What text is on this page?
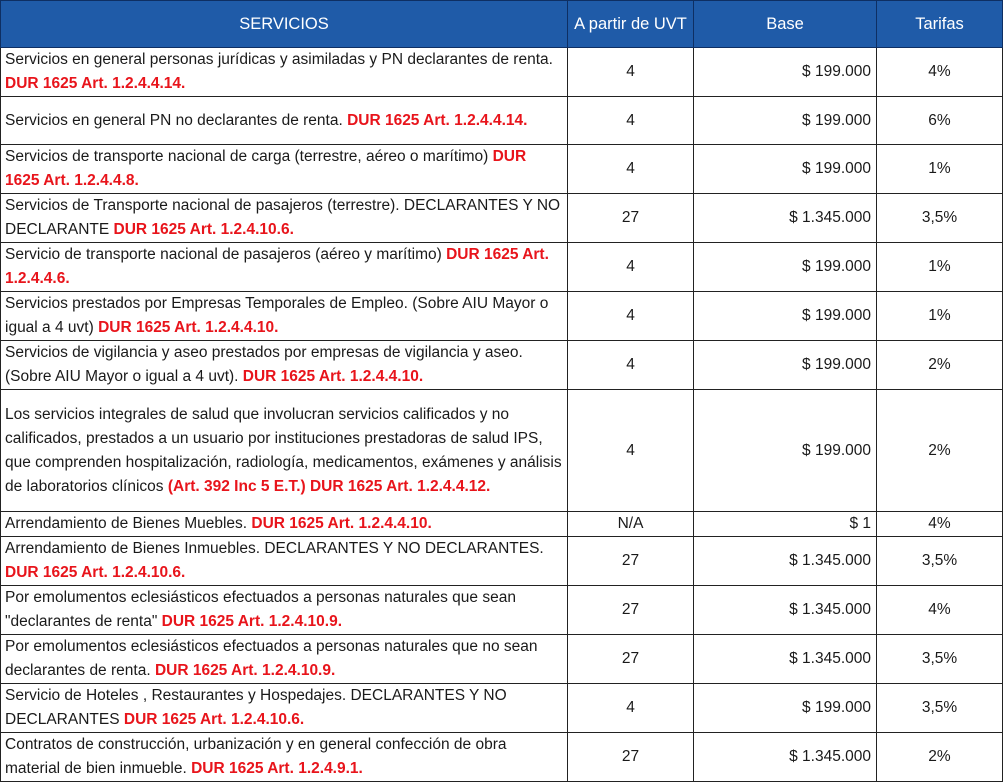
SERVICIOS	A partir de UVT	Base	Tarifas
Servicios en general personas jurídicas y asimiladas y PN declarantes de renta. DUR 1625 Art. 1.2.4.4.14.	4	$ 199.000	4%
Servicios en general PN no declarantes de renta. DUR 1625 Art. 1.2.4.4.14.	4	$ 199.000	6%
Servicios de transporte nacional de carga (terrestre, aéreo o marítimo) DUR 1625 Art. 1.2.4.4.8.	4	$ 199.000	1%
Servicios de Transporte nacional de pasajeros (terrestre). DECLARANTES Y NO DECLARANTE DUR 1625 Art. 1.2.4.10.6.	27	$ 1.345.000	3,5%
Servicio de transporte nacional de pasajeros (aéreo y marítimo) DUR 1625 Art. 1.2.4.4.6.	4	$ 199.000	1%
Servicios prestados por Empresas Temporales de Empleo. (Sobre AIU Mayor o igual a 4 uvt) DUR 1625 Art. 1.2.4.4.10.	4	$ 199.000	1%
Servicios de vigilancia y aseo prestados por empresas de vigilancia y aseo. (Sobre AIU Mayor o igual a 4 uvt). DUR 1625 Art. 1.2.4.4.10.	4	$ 199.000	2%
Los servicios integrales de salud que involucran servicios calificados y no calificados, prestados a un usuario por instituciones prestadoras de salud IPS, que comprenden hospitalización, radiología, medicamentos, exámenes y análisis de laboratorios clínicos (Art. 392 Inc 5 E.T.) DUR 1625 Art. 1.2.4.4.12.	4	$ 199.000	2%
Arrendamiento de Bienes Muebles. DUR 1625 Art. 1.2.4.4.10.	N/A	$ 1	4%
Arrendamiento de Bienes Inmuebles. DECLARANTES Y NO DECLARANTES. DUR 1625 Art. 1.2.4.10.6.	27	$ 1.345.000	3,5%
Por emolumentos eclesiásticos efectuados a personas naturales que sean "declarantes de renta" DUR 1625 Art. 1.2.4.10.9.	27	$ 1.345.000	4%
Por emolumentos eclesiásticos efectuados a personas naturales que no sean declarantes de renta. DUR 1625 Art. 1.2.4.10.9.	27	$ 1.345.000	3,5%
Servicio de Hoteles , Restaurantes y Hospedajes. DECLARANTES Y NO DECLARANTES DUR 1625 Art. 1.2.4.10.6.	4	$ 199.000	3,5%
Contratos de construcción, urbanización y en general confección de obra material de bien inmueble. DUR 1625 Art. 1.2.4.9.1.	27	$ 1.345.000	2%
